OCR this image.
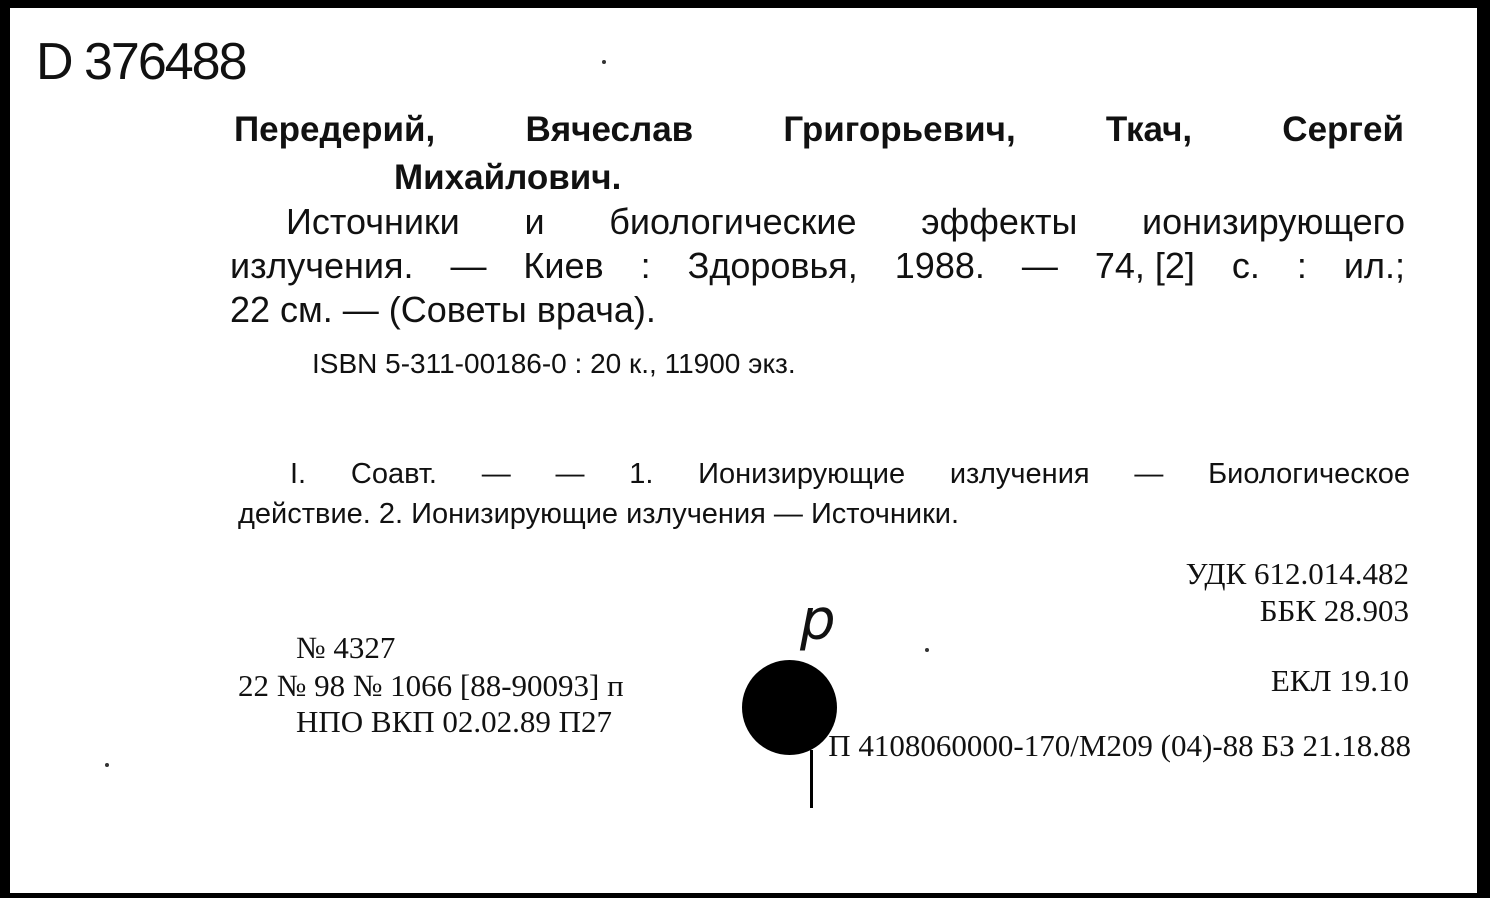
D 376488
Передерий,	Вячеслав	Григорьевич,	Ткач,	Сергей
Михайлович.
Источники и биологические эффекты ионизирующего
излучения. — Киев : Здоровья, 1988. — 74, [2] с. : ил.;
22 см. — (Советы врача).
ISBN 5-311-00186-0 : 20 к., 11900 экз.
I. Соавт. — — 1. Ионизирующие излучения — Биологическое
действие. 2. Ионизирующие излучения — Источники.
УДК 612.014.482
ББК 28.903
ЕКЛ 19.10
№ 4327
22 № 98 № 1066 [88-90093] п
НПО ВКП 02.02.89 П27
П 4108060000-170/М209 (04)-88 БЗ 21.18.88
р
